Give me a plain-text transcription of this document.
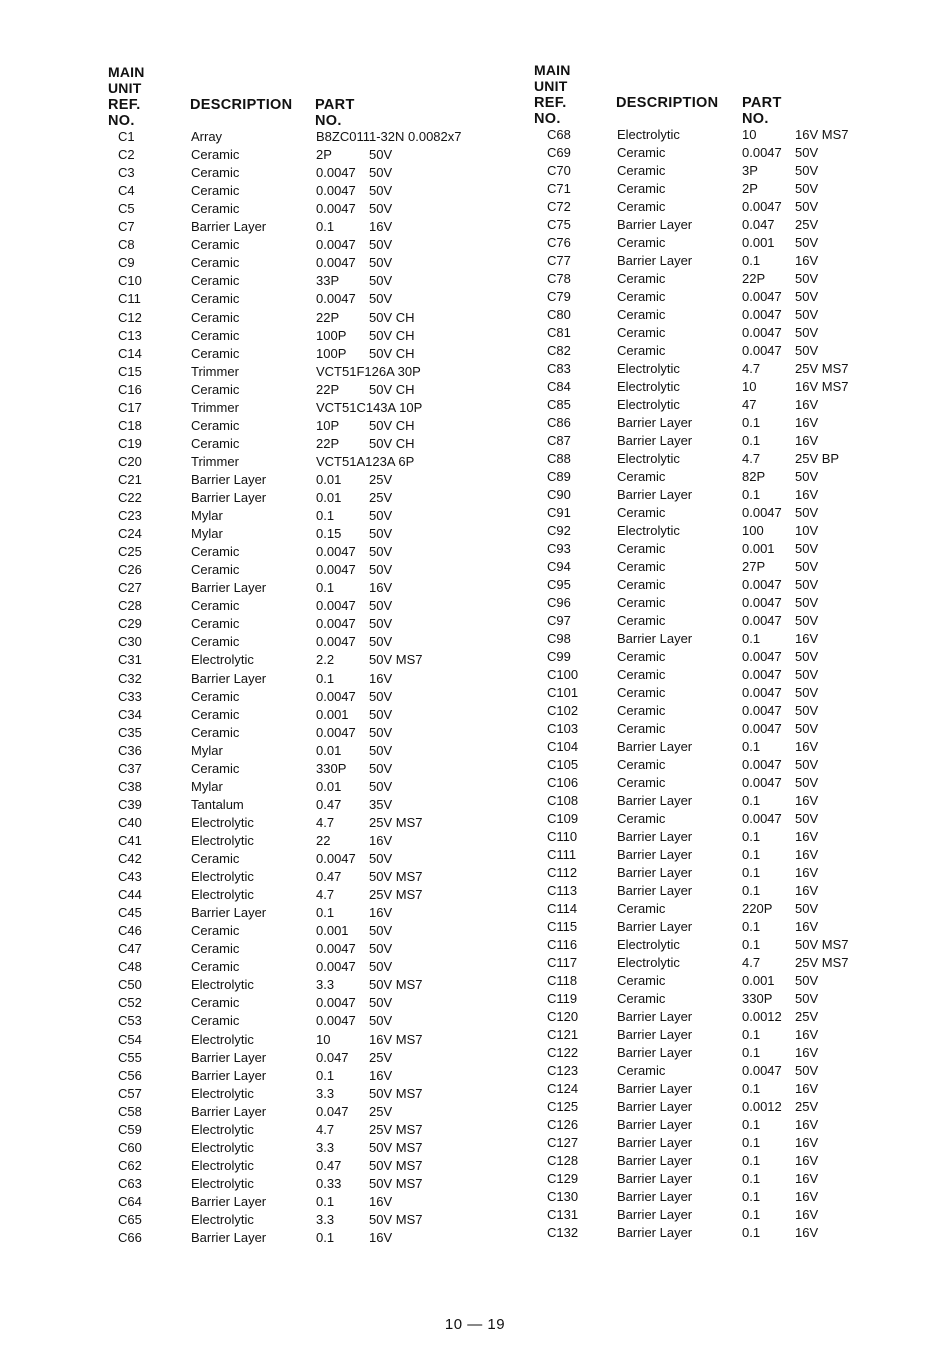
MAIN UNIT
REF. NO.
DESCRIPTION PART NO.
C1	Array	B8ZC0111-32N 0.0082x7
C2	Ceramic	2P	50V
C3	Ceramic	0.0047 50V
C4	Ceramic	0.0047 50V
C5	Ceramic	0.0047 50V
C7	Barrier Layer	0.1	16V
C8	Ceramic	0.0047 50V
C9	Ceramic	0.0047 50V
C10	Ceramic	33P 50V
C11	Ceramic	0.0047 50V
C12	Ceramic	22P 50V CH
C13	Ceramic	100P 50V CH
C14	Ceramic	100P 50V CH
C15	Trimmer	VCT51F126A 30P
C16	Ceramic	22P 50V CH
C17	Trimmer	VCT51C143A 10P
C18	Ceramic	10P 50V CH
C19	Ceramic	22P 50V CH
C20	Trimmer	VCT51A123A 6P
C21	Barrier Layer	0.01 25V
C22	Barrier Layer	0.01 25V
C23	Mylar	0.1	50V
C24	Mylar	0.15 50V
C25	Ceramic	0.0047 50V
C26	Ceramic	0.0047 50V
C27	Barrier Layer	0.1	16V
C28	Ceramic	0.0047 50V
C29	Ceramic	0.0047 50V
C30	Ceramic	0.0047 50V
C31	Electrolytic	2.2	50V MS7
C32	Barrier Layer	0.1	16V
C33	Ceramic	0.0047 50V
C34	Ceramic	0.001 50V
C35	Ceramic	0.0047 50V
C36	Mylar	0.01 50V
C37	Ceramic	330P 50V
C38	Mylar	0.01 50V
C39	Tantalum	0.47 35V
C40	Electrolytic	4.7	25V MS7
C41	Electrolytic	22	16V
C42	Ceramic	0.0047 50V
C43	Electrolytic	0.47 50V MS7
C44	Electrolytic	4.7	25V MS7
C45	Barrier Layer	0.1	16V
C46	Ceramic	0.001 50V
C47	Ceramic	0.0047 50V
C48	Ceramic	0.0047 50V
C50	Electrolytic	3.3	50V MS7
C52	Ceramic	0.0047 50V
C53	Ceramic	0.0047 50V
C54	Electrolytic	10	16V MS7
C55	Barrier Layer	0.047 25V
C56	Barrier Layer	0.1	16V
C57	Electrolytic	3.3	50V MS7
C58	Barrier Layer	0.047 25V
C59	Electrolytic	4.7	25V MS7
C60	Electrolytic	3.3	50V MS7
C62	Electrolytic	0.47 50V MS7
C63	Electrolytic	0.33 50V MS7
C64	Barrier Layer	0.1	16V
C65	Electrolytic	3.3	50V MS7
C66	Barrier Layer	0.1	16V
MAIN UNIT
REF. NO.
DESCRIPTION PART NO.
C68	Electrolytic	10	16V MS7
C69	Ceramic	0.0047 50V
C70	Ceramic	3P	50V
C71	Ceramic	2P	50V
C72	Ceramic	0.0047 50V
C75	Barrier Layer	0.047 25V
C76	Ceramic	0.001 50V
C77	Barrier Layer	0.1	16V
C78	Ceramic	22P 50V
C79	Ceramic	0.0047 50V
C80	Ceramic	0.0047 50V
C81	Ceramic	0.0047 50V
C82	Ceramic	0.0047 50V
C83	Electrolytic	4.7	25V MS7
C84	Electrolytic	10	16V MS7
C85	Electrolytic	47	16V
C86	Barrier Layer	0.1	16V
C87	Barrier Layer	0.1	16V
C88	Electrolytic	4.7	25V BP
C89	Ceramic	82P 50V
C90	Barrier Layer	0.1	16V
C91	Ceramic	0.0047 50V
C92	Electrolytic	100 10V
C93	Ceramic	0.001 50V
C94	Ceramic	27P 50V
C95	Ceramic	0.0047 50V
C96	Ceramic	0.0047 50V
C97	Ceramic	0.0047 50V
C98	Barrier Layer	0.1	16V
C99	Ceramic	0.0047 50V
C100	Ceramic	0.0047 50V
C101	Ceramic	0.0047 50V
C102	Ceramic	0.0047 50V
C103	Ceramic	0.0047 50V
C104	Barrier Layer	0.1	16V
C105	Ceramic	0.0047 50V
C106	Ceramic	0.0047 50V
C108	Barrier Layer	0.1	16V
C109	Ceramic	0.0047 50V
C110	Barrier Layer	0.1	16V
C111	Barrier Layer	0.1	16V
C112	Barrier Layer	0.1	16V
C113	Barrier Layer	0.1	16V
C114	Ceramic	220P 50V
C115	Barrier Layer	0.1	16V
C116	Electrolytic	0.1	50V MS7
C117	Electrolytic	4.7	25V MS7
C118	Ceramic	0.001 50V
C119	Ceramic	330P 50V
C120	Barrier Layer	0.0012 25V
C121	Barrier Layer	0.1	16V
C122	Barrier Layer	0.1	16V
C123	Ceramic	0.0047 50V
C124	Barrier Layer	0.1	16V
C125	Barrier Layer	0.0012 25V
C126	Barrier Layer	0.1	16V
C127	Barrier Layer	0.1	16V
C128	Barrier Layer	0.1	16V
C129	Barrier Layer	0.1	16V
C130	Barrier Layer	0.1	16V
C131	Barrier Layer	0.1	16V
C132	Barrier Layer	0.1	16V
10 — 19
